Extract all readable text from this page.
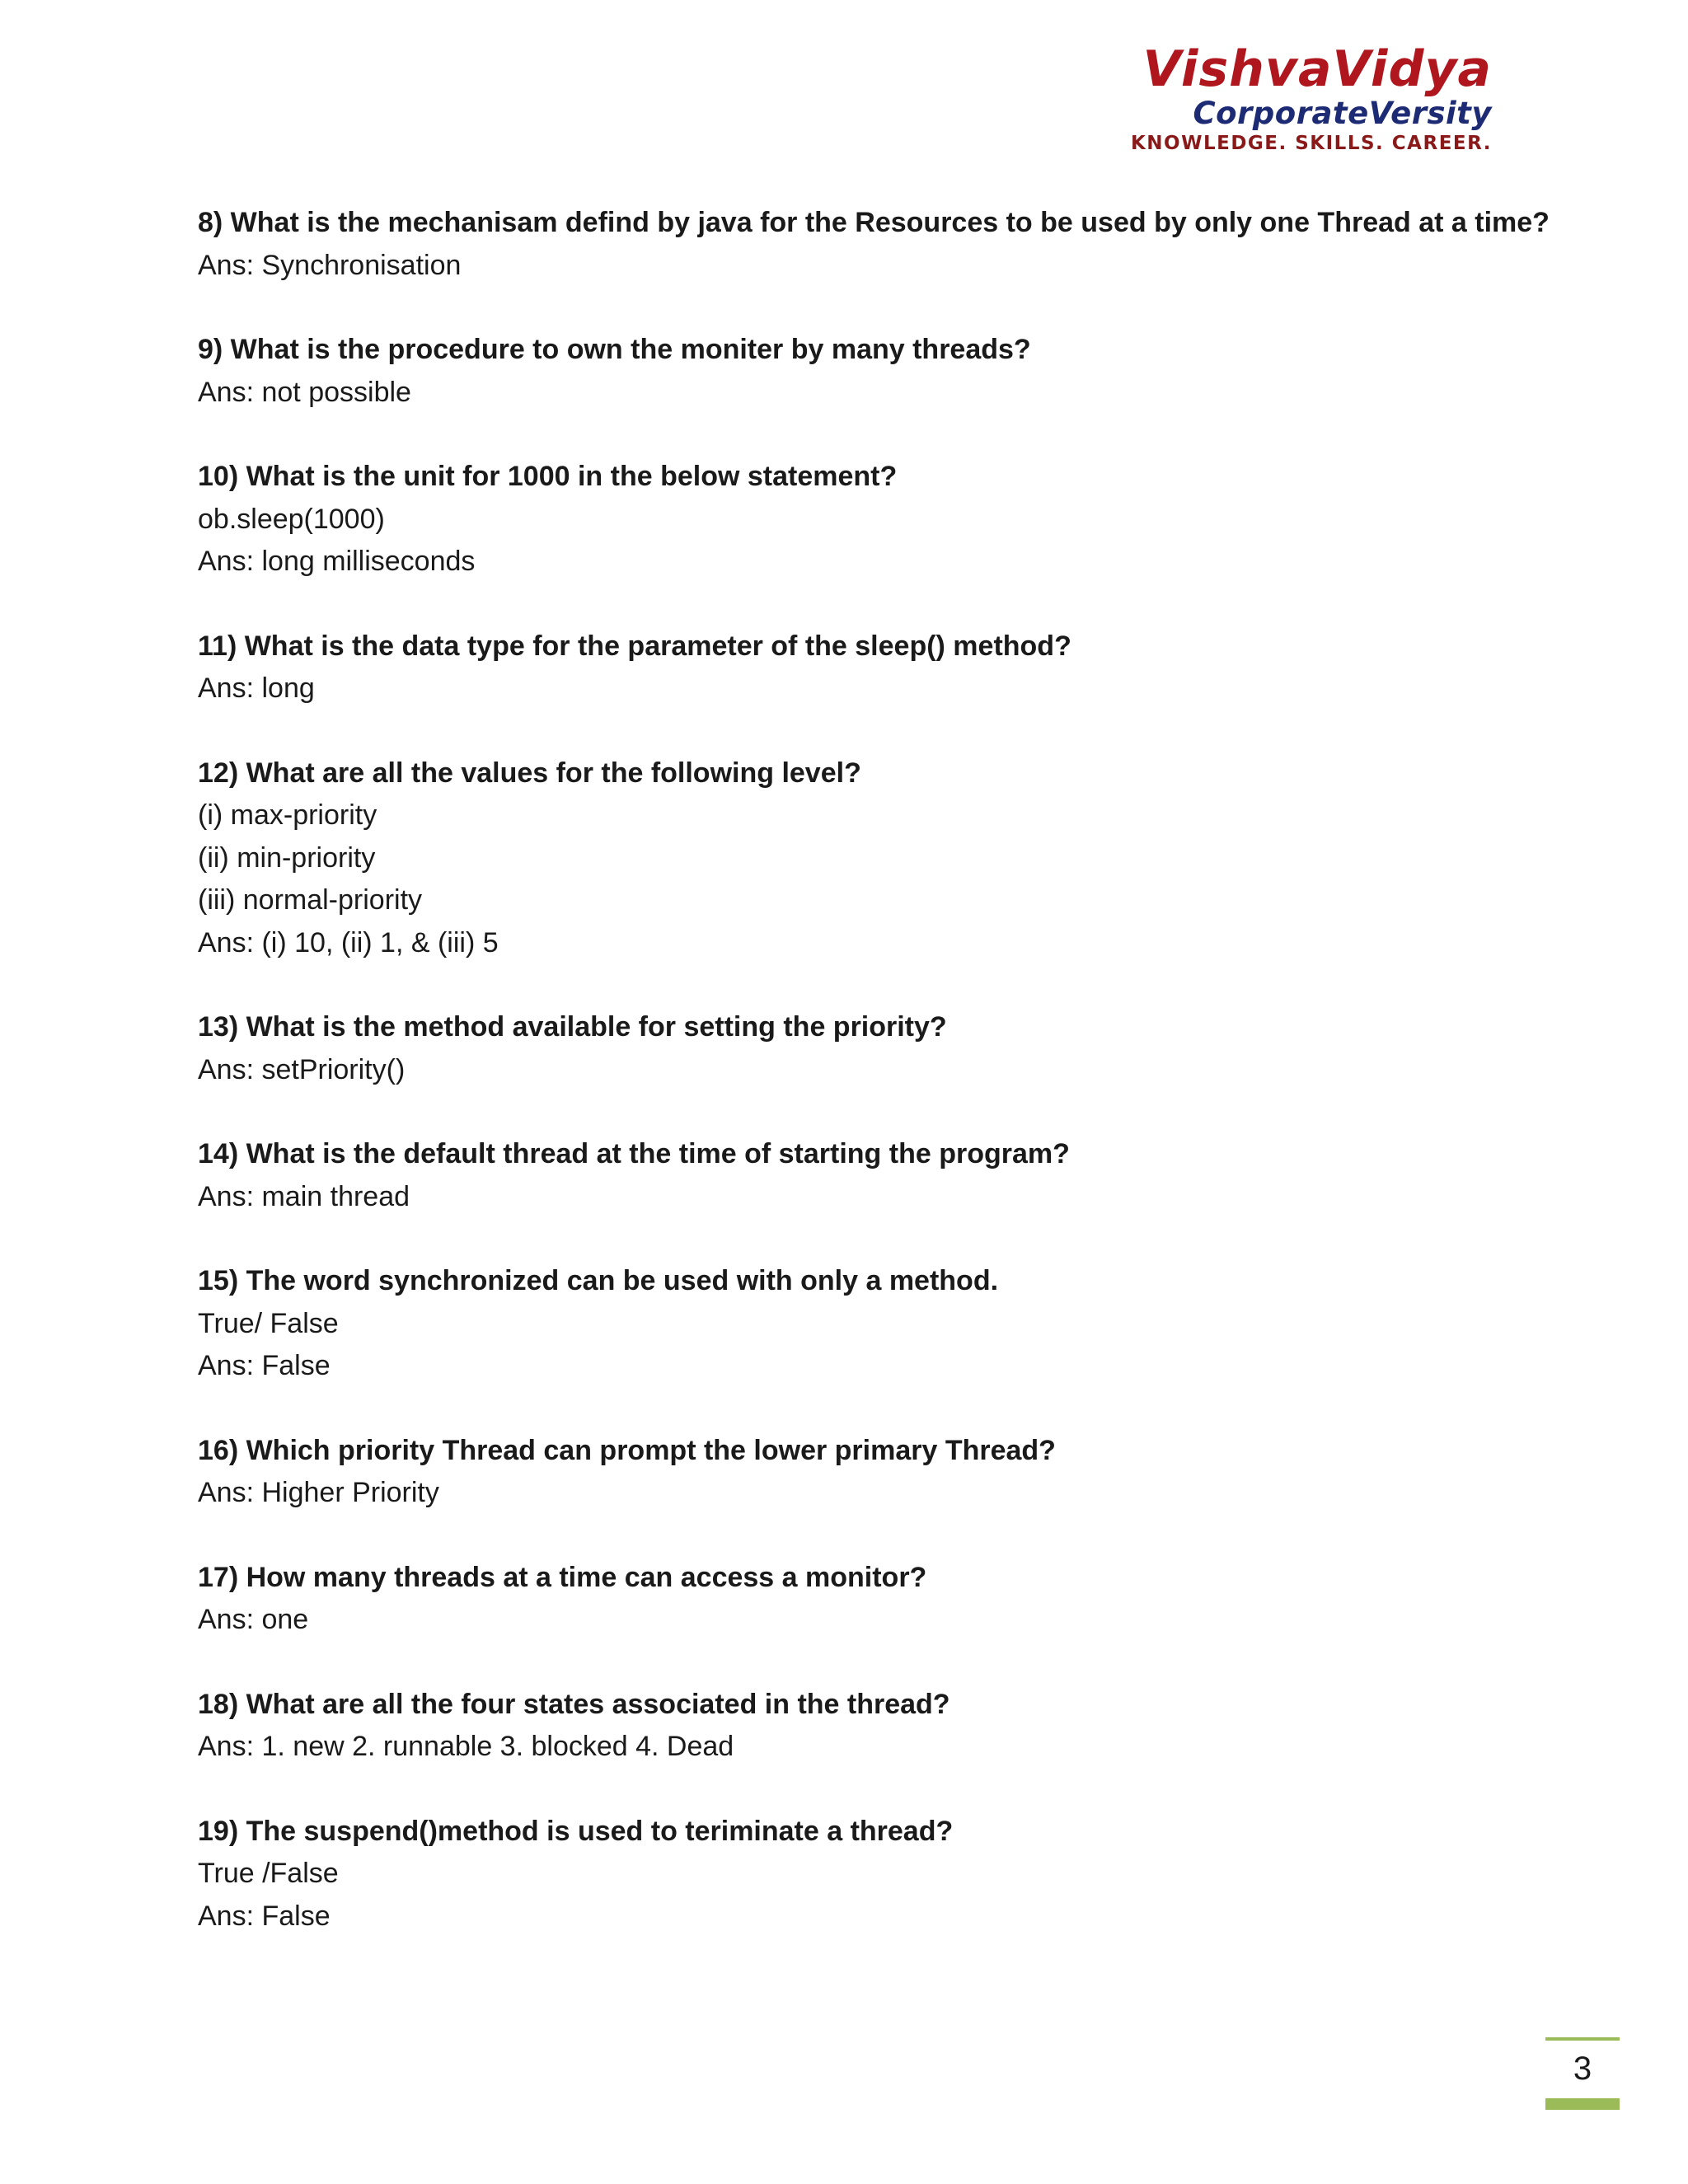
VishvaVidya
CorporateVersity
KNOWLEDGE. SKILLS. CAREER.
8) What is the mechanisam defind by java for the Resources to be used by only one Thread at a time?
Ans: Synchronisation
9) What is the procedure to own the moniter by many threads?
Ans: not possible
10) What is the unit for 1000 in the below statement?
ob.sleep(1000)
Ans: long milliseconds
11) What is the data type for the parameter of the sleep() method?
Ans: long
12) What are all the values for the following level?
(i) max-priority
(ii) min-priority
(iii) normal-priority
Ans: (i) 10, (ii) 1, & (iii) 5
13) What is the method available for setting the priority?
Ans: setPriority()
14) What is the default thread at the time of starting the program?
Ans: main thread
15) The word synchronized can be used with only a method.
True/ False
Ans: False
16) Which priority Thread can prompt the lower primary Thread?
Ans: Higher Priority
17) How many threads at a time can access a monitor?
Ans: one
18) What are all the four states associated in the thread?
Ans: 1. new 2. runnable 3. blocked 4. Dead
19) The suspend()method is used to teriminate a thread?
True /False
Ans: False
3
